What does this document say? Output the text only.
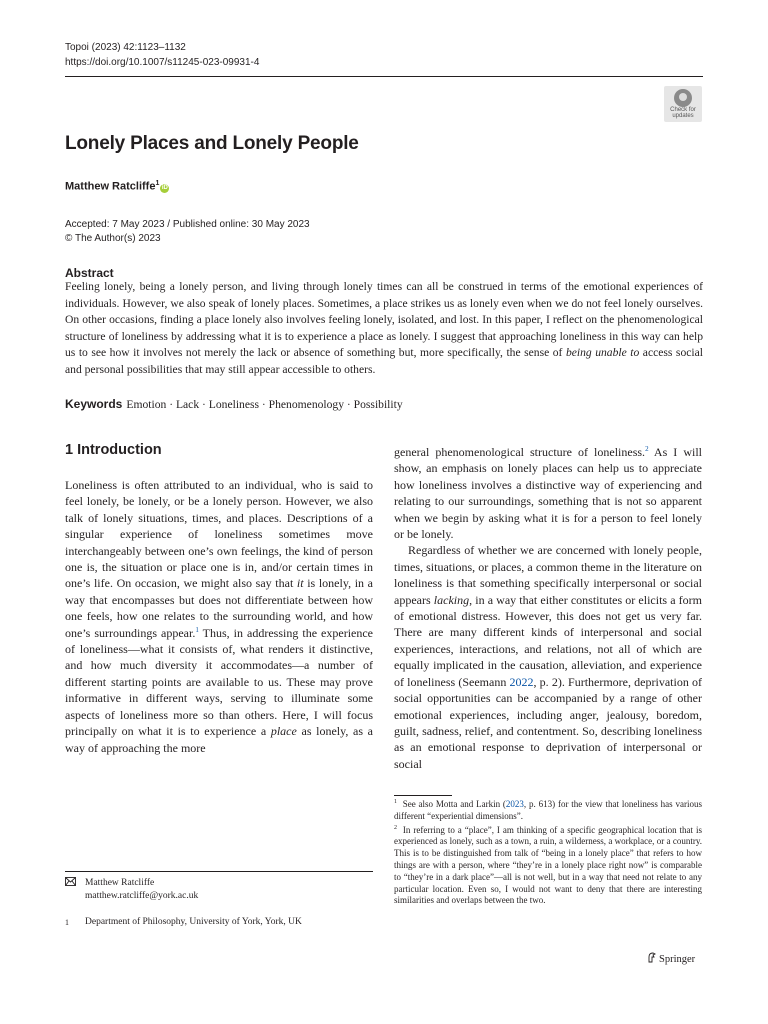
Topoi (2023) 42:1123–1132
https://doi.org/10.1007/s11245-023-09931-4
Check for
updates
Lonely Places and Lonely People
Matthew Ratcliffe$^1$iD
Accepted: 7 May 2023 / Published online: 30 May 2023
© The Author(s) 2023
Abstract
Feeling lonely, being a lonely person, and living through lonely times can all be construed in terms of the emotional experiences of individuals. However, we also speak of lonely places. Sometimes, a place strikes us as lonely even when we do not feel lonely ourselves. On other occasions, finding a place lonely also involves feeling lonely, isolated, and lost. In this paper, I reflect on the phenomenological structure of loneliness by addressing what it is to experience a place as lonely. I suggest that approaching loneliness in this way can help us to see how it involves not merely the lack or absence of something but, more specifically, the sense of being unable to access social and personal possibilities that may still appear accessible to others.
Keywords Emotion · Lack · Loneliness · Phenomenology · Possibility
1 Introduction

Loneliness is often attributed to an individual, who is said to feel lonely, be lonely, or be a lonely person. However, we also talk of lonely situations, times, and places. Descriptions of a singular experience of loneliness sometimes move interchangeably between one’s own feelings, the kind of person one is, the situation or place one is in, and/or certain times in one’s life. On occasion, we might also say that it is lonely, in a way that encompasses but does not differentiate between how one feels, how one relates to the surrounding world, and how one’s surroundings appear.$^1$ Thus, in addressing the experience of loneliness—what it consists of, what renders it distinctive, and how much diversity it accommodates—a number of different starting points are available to us. These may prove informative in different ways, serving to illuminate some aspects of loneliness more so than others. Here, I will focus principally on what it is to experience a place as lonely, as a way of approaching the more

general phenomenological structure of loneliness.$^2$ As I will show, an emphasis on lonely places can help us to appreciate how loneliness involves a distinctive way of experiencing and relating to our surroundings, something that is not so apparent when we begin by asking what it is for a person to feel lonely or be lonely.

Regardless of whether we are concerned with lonely people, times, situations, or places, a common theme in the literature on loneliness is that something specifically interpersonal or social appears lacking, in a way that either constitutes or elicits a form of emotional distress. However, this does not get us very far. There are many different kinds of interpersonal and social experiences, interactions, and relations, not all of which are equally implicated in the causation, alleviation, and experience of loneliness (Seemann 2022, p. 2). Furthermore, deprivation of social opportunities can be accompanied by a range of other emotional experiences, including anger, jealousy, boredom, guilt, sadness, relief, and contentment. So, describing loneliness as an emotional response to deprivation of interpersonal or social

$^1$ See also Motta and Larkin (2023, p. 613) for the view that loneliness has various different “experiential dimensions”.

$^2$ In referring to a “place”, I am thinking of a specific geographical location that is experienced as lonely, such as a town, a ruin, a wilderness, a workplace, or a country. This is to be distinguished from talk of “being in a lonely place” that refers to how things are with a person, where “they’re in a lonely place right now” is comparable to “they’re in a dark place”—all is not well, but in a way that need not relate to any particular location. Even so, I would not want to deny that there are interesting similarities and overlaps between the two.

Matthew Ratcliffe
matthew.ratcliffe@york.ac.uk
$^1$	Department of Philosophy, University of York, York, UK
Springer
